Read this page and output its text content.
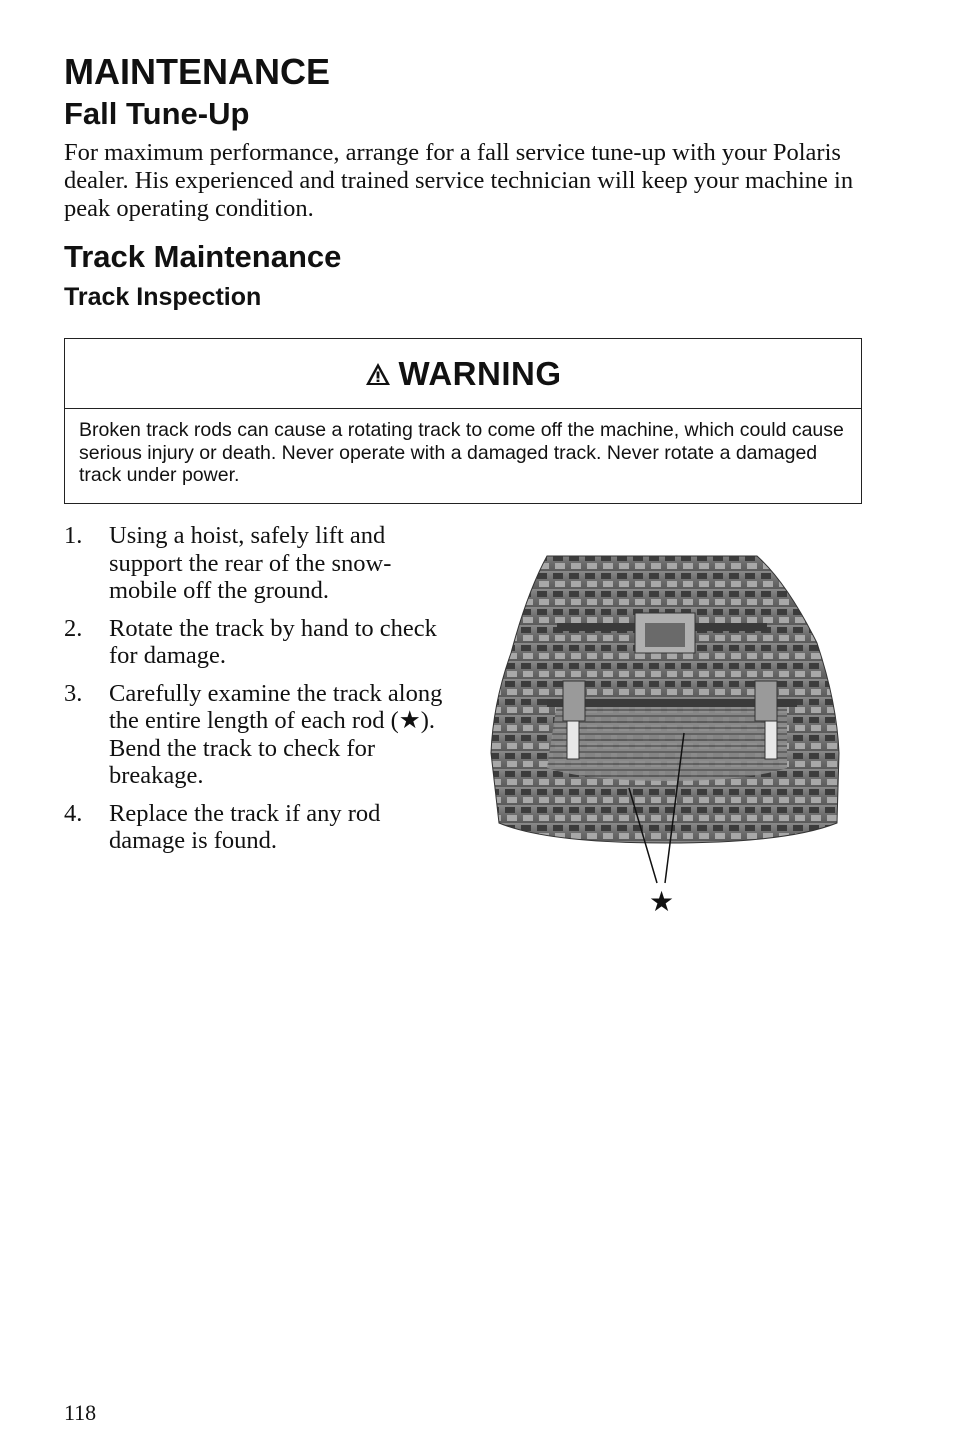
MAINTENANCE
Fall Tune-Up

For maximum performance, arrange for a fall service tune-up with your Polaris dealer. His experienced and trained service technician will keep your machine in peak operating condition.

Track Maintenance
Track Inspection
WARNING
Broken track rods can cause a rotating track to come off the machine, which could cause serious injury or death. Never operate with a damaged track. Never rotate a damaged track under power.
1. Using a hoist, safely lift and support the rear of the snow-mobile off the ground.
2. Rotate the track by hand to check for damage.
3. Carefully examine the track along the entire length of each rod (★). Bend the track to check for breakage.
4. Replace the track if any rod damage is found.
★
118
